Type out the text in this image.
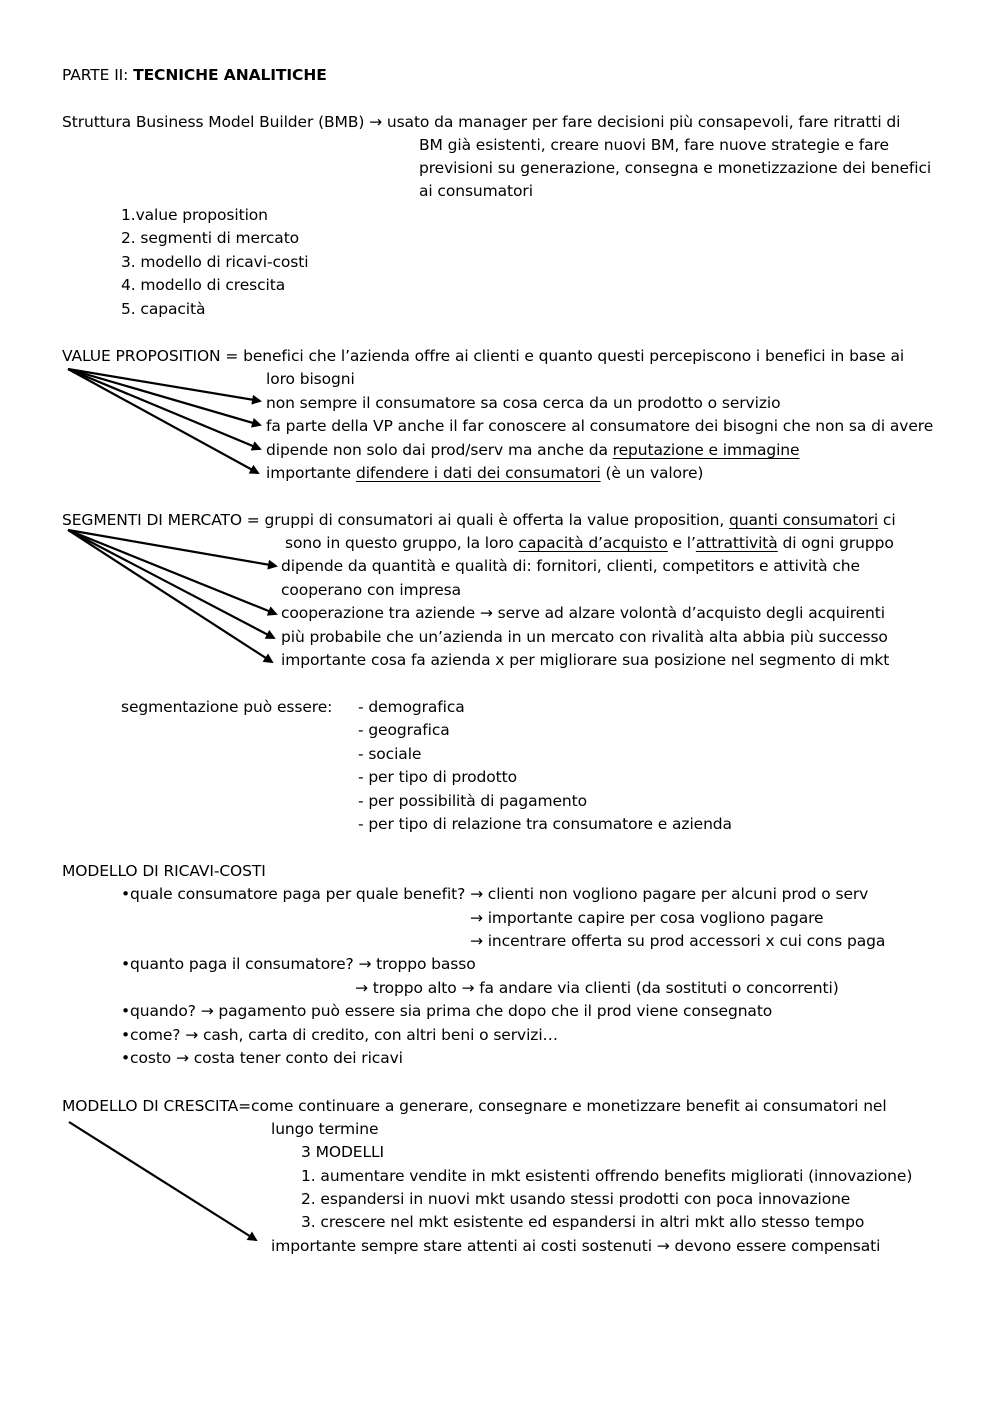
PARTE II: TECNICHE ANALITICHE
Struttura Business Model Builder (BMB) → usato da manager per fare decisioni più consapevoli, fare ritratti di
BM già esistenti, creare nuovi BM, fare nuove strategie e fare
previsioni su generazione, consegna e monetizzazione dei benefici
ai consumatori
1.value proposition
2. segmenti di mercato
3. modello di ricavi-costi
4. modello di crescita
5. capacità
VALUE PROPOSITION = benefici che l’azienda offre ai clienti e quanto questi percepiscono i benefici in base ai
loro bisogni
non sempre il consumatore sa cosa cerca da un prodotto o servizio
fa parte della VP anche il far conoscere al consumatore dei bisogni che non sa di avere
dipende non solo dai prod/serv ma anche da reputazione e immagine
importante difendere i dati dei consumatori (è un valore)
SEGMENTI DI MERCATO = gruppi di consumatori ai quali è offerta la value proposition, quanti consumatori ci
sono in questo gruppo, la loro capacità d’acquisto e l’attrattività di ogni gruppo
dipende da quantità e qualità di: fornitori, clienti, competitors e attività che
cooperano con impresa
cooperazione tra aziende → serve ad alzare volontà d’acquisto degli acquirenti
più probabile che un’azienda in un mercato con rivalità alta abbia più successo
importante cosa fa azienda x per migliorare sua posizione nel segmento di mkt
segmentazione può essere: - demografica
- geografica
- sociale
- per tipo di prodotto
- per possibilità di pagamento
- per tipo di relazione tra consumatore e azienda
MODELLO DI RICAVI-COSTI
•quale consumatore paga per quale benefit? → clienti non vogliono pagare per alcuni prod o serv
→ importante capire per cosa vogliono pagare
→ incentrare offerta su prod accessori x cui cons paga
•quanto paga il consumatore? → troppo basso
→ troppo alto → fa andare via clienti (da sostituti o concorrenti)
•quando? → pagamento può essere sia prima che dopo che il prod viene consegnato
•come? → cash, carta di credito, con altri beni o servizi…
•costo → costa tener conto dei ricavi
MODELLO DI CRESCITA=come continuare a generare, consegnare e monetizzare benefit ai consumatori nel
lungo termine
3 MODELLI
1. aumentare vendite in mkt esistenti offrendo benefits migliorati (innovazione)
2. espandersi in nuovi mkt usando stessi prodotti con poca innovazione
3. crescere nel mkt esistente ed espandersi in altri mkt allo stesso tempo
importante sempre stare attenti ai costi sostenuti → devono essere compensati
